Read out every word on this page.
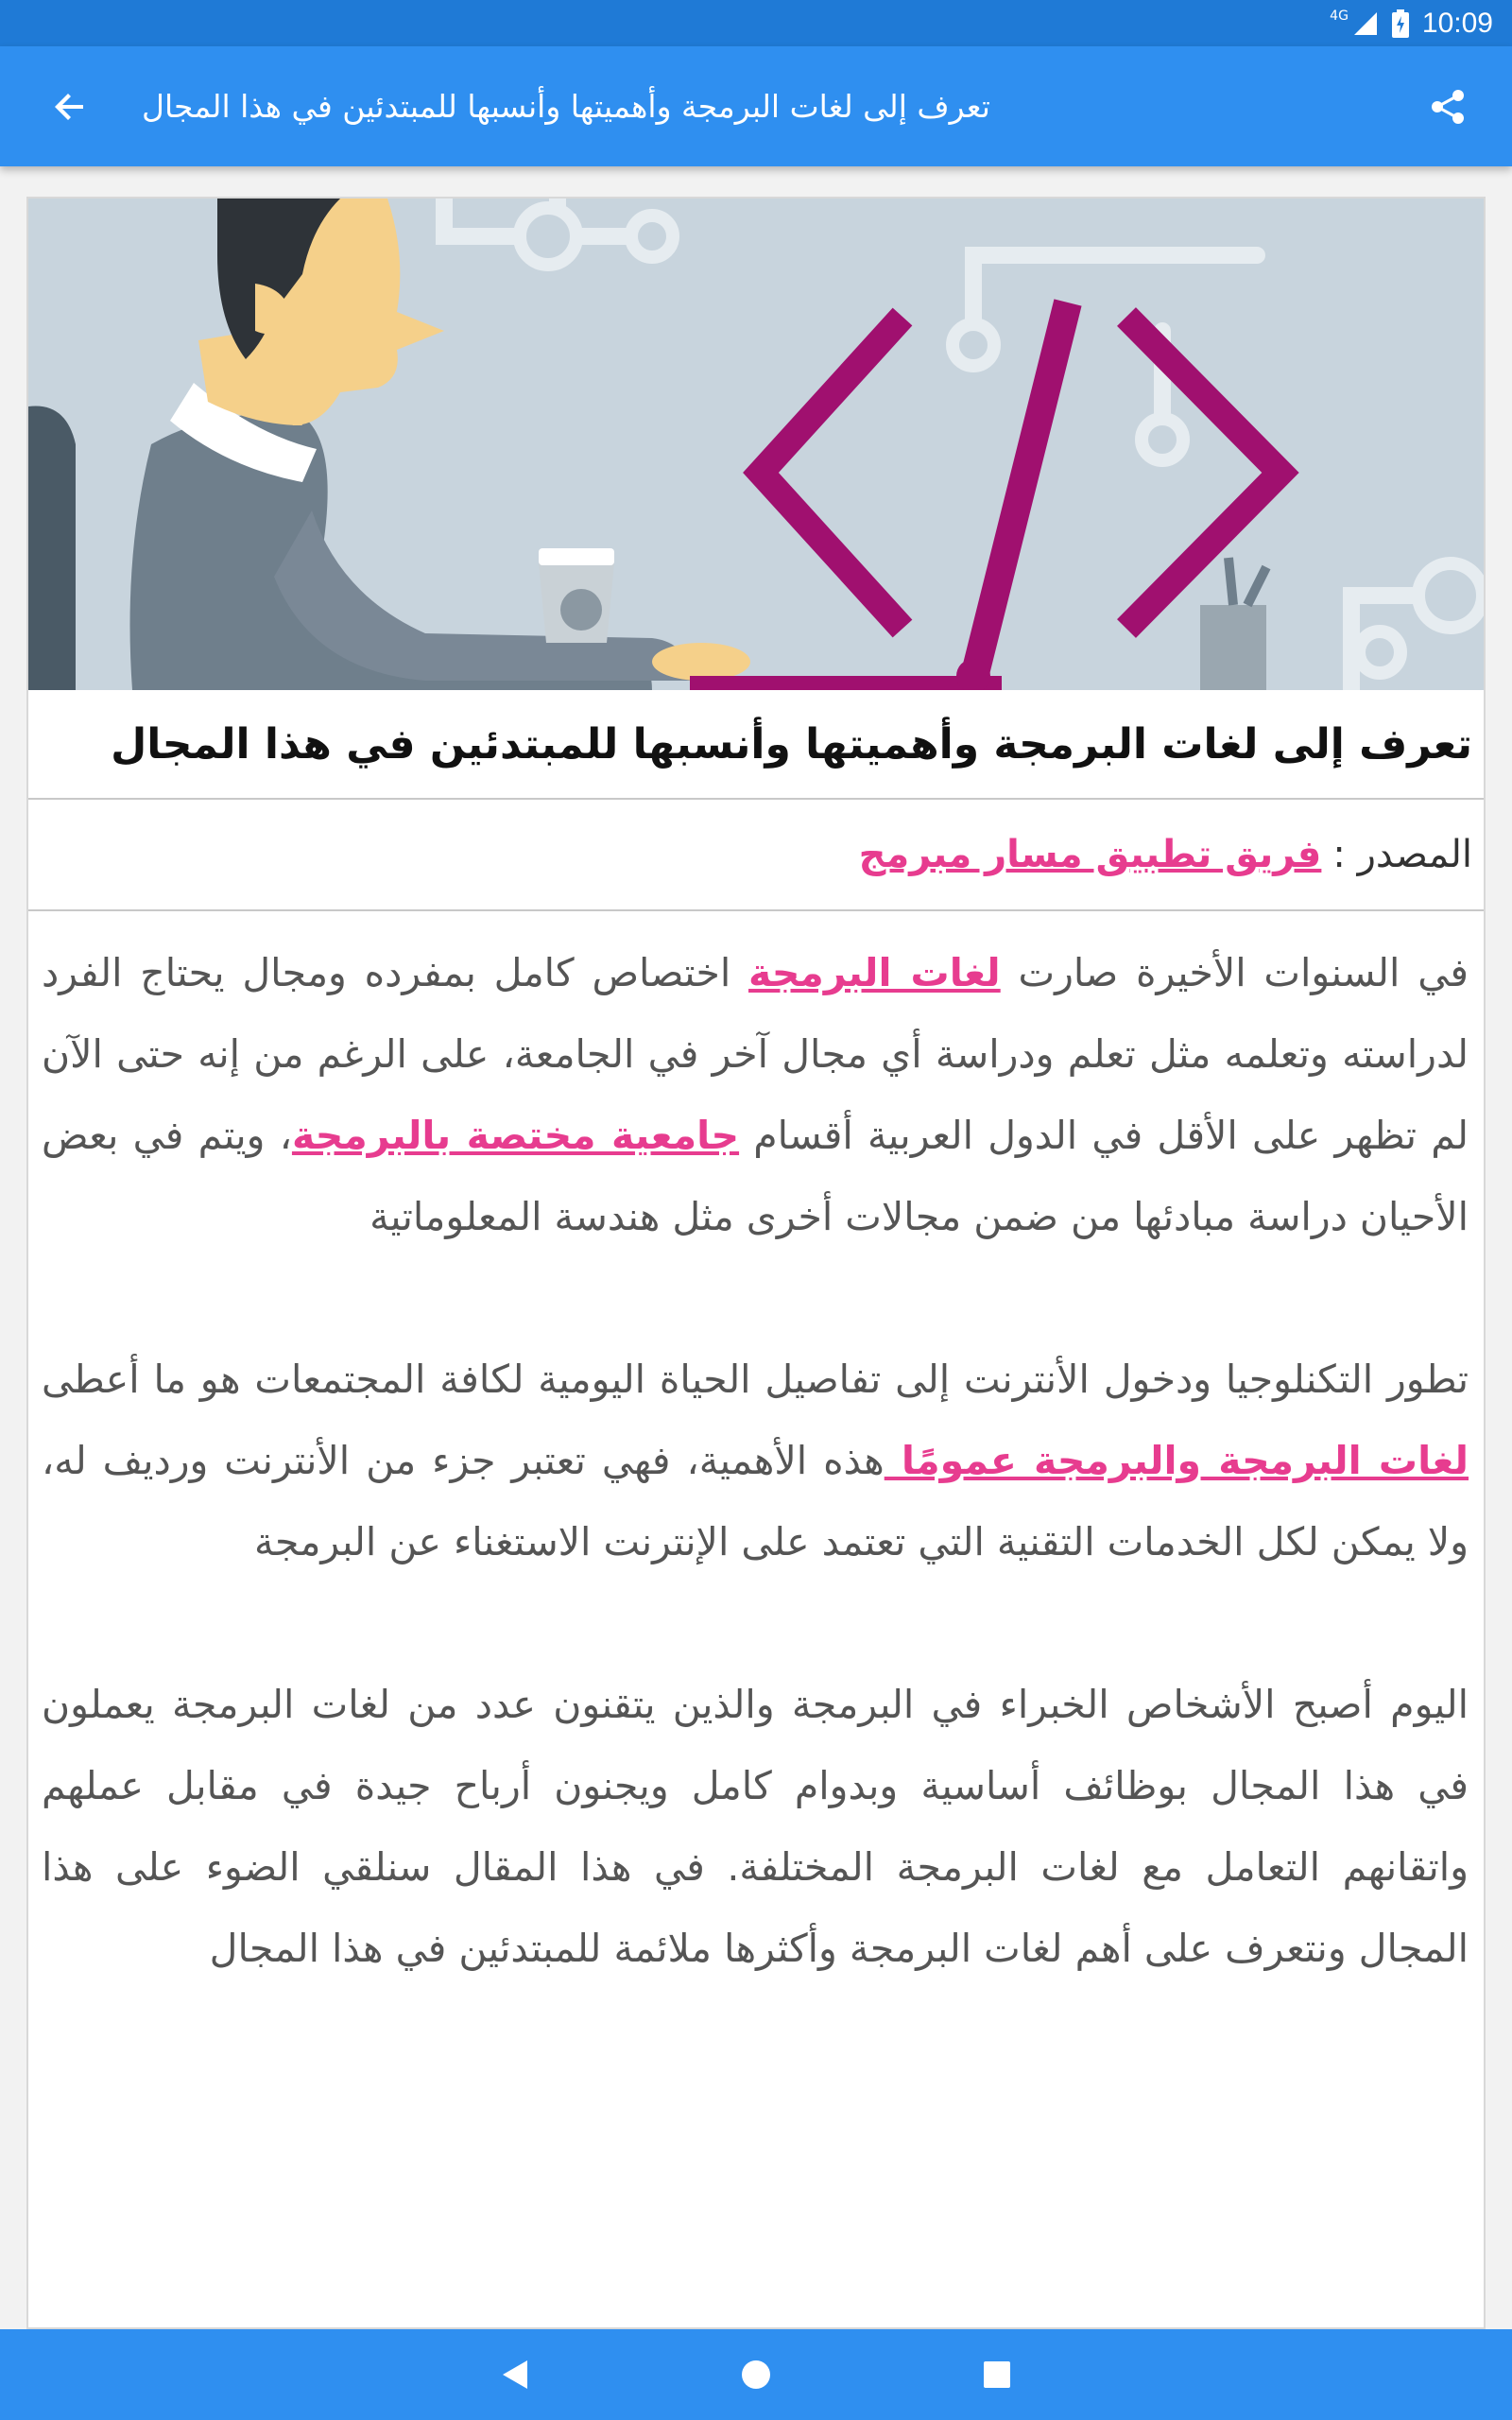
4G	10:09
تعرف إلى لغات البرمجة وأهميتها وأنسبها للمبتدئين في هذا المجال
تعرف إلى لغات البرمجة وأهميتها وأنسبها للمبتدئين في هذا المجال
المصدر :
فريق تطبيق مسار مبرمج

في السنوات الأخيرة صارت لغات البرمجة اختصاص كامل بمفرده ومجال يحتاج الفرد لدراسته وتعلمه مثل تعلم ودراسة أي مجال آخر في الجامعة، على الرغم من إنه حتى الآن لم تظهر على الأقل في الدول العربية أقسام جامعية مختصة بالبرمجة، ويتم في بعض الأحيان دراسة مبادئها من ضمن مجالات أخرى مثل هندسة المعلوماتية

تطور التكنلوجيا ودخول الأنترنت إلى تفاصيل الحياة اليومية لكافة المجتمعات هو ما أعطى لغات البرمجة والبرمجة عمومًا هذه الأهمية، فهي تعتبر جزء من الأنترنت ورديف له، ولا يمكن لكل الخدمات التقنية التي تعتمد على الإنترنت الاستغناء عن البرمجة

اليوم أصبح الأشخاص الخبراء في البرمجة والذين يتقنون عدد من لغات البرمجة يعملون في هذا المجال بوظائف أساسية وبدوام كامل ويجنون أرباح جيدة في مقابل عملهم واتقانهم التعامل مع لغات البرمجة المختلفة. في هذا المقال سنلقي الضوء على هذا المجال ونتعرف على أهم لغات البرمجة وأكثرها ملائمة للمبتدئين في هذا المجال
